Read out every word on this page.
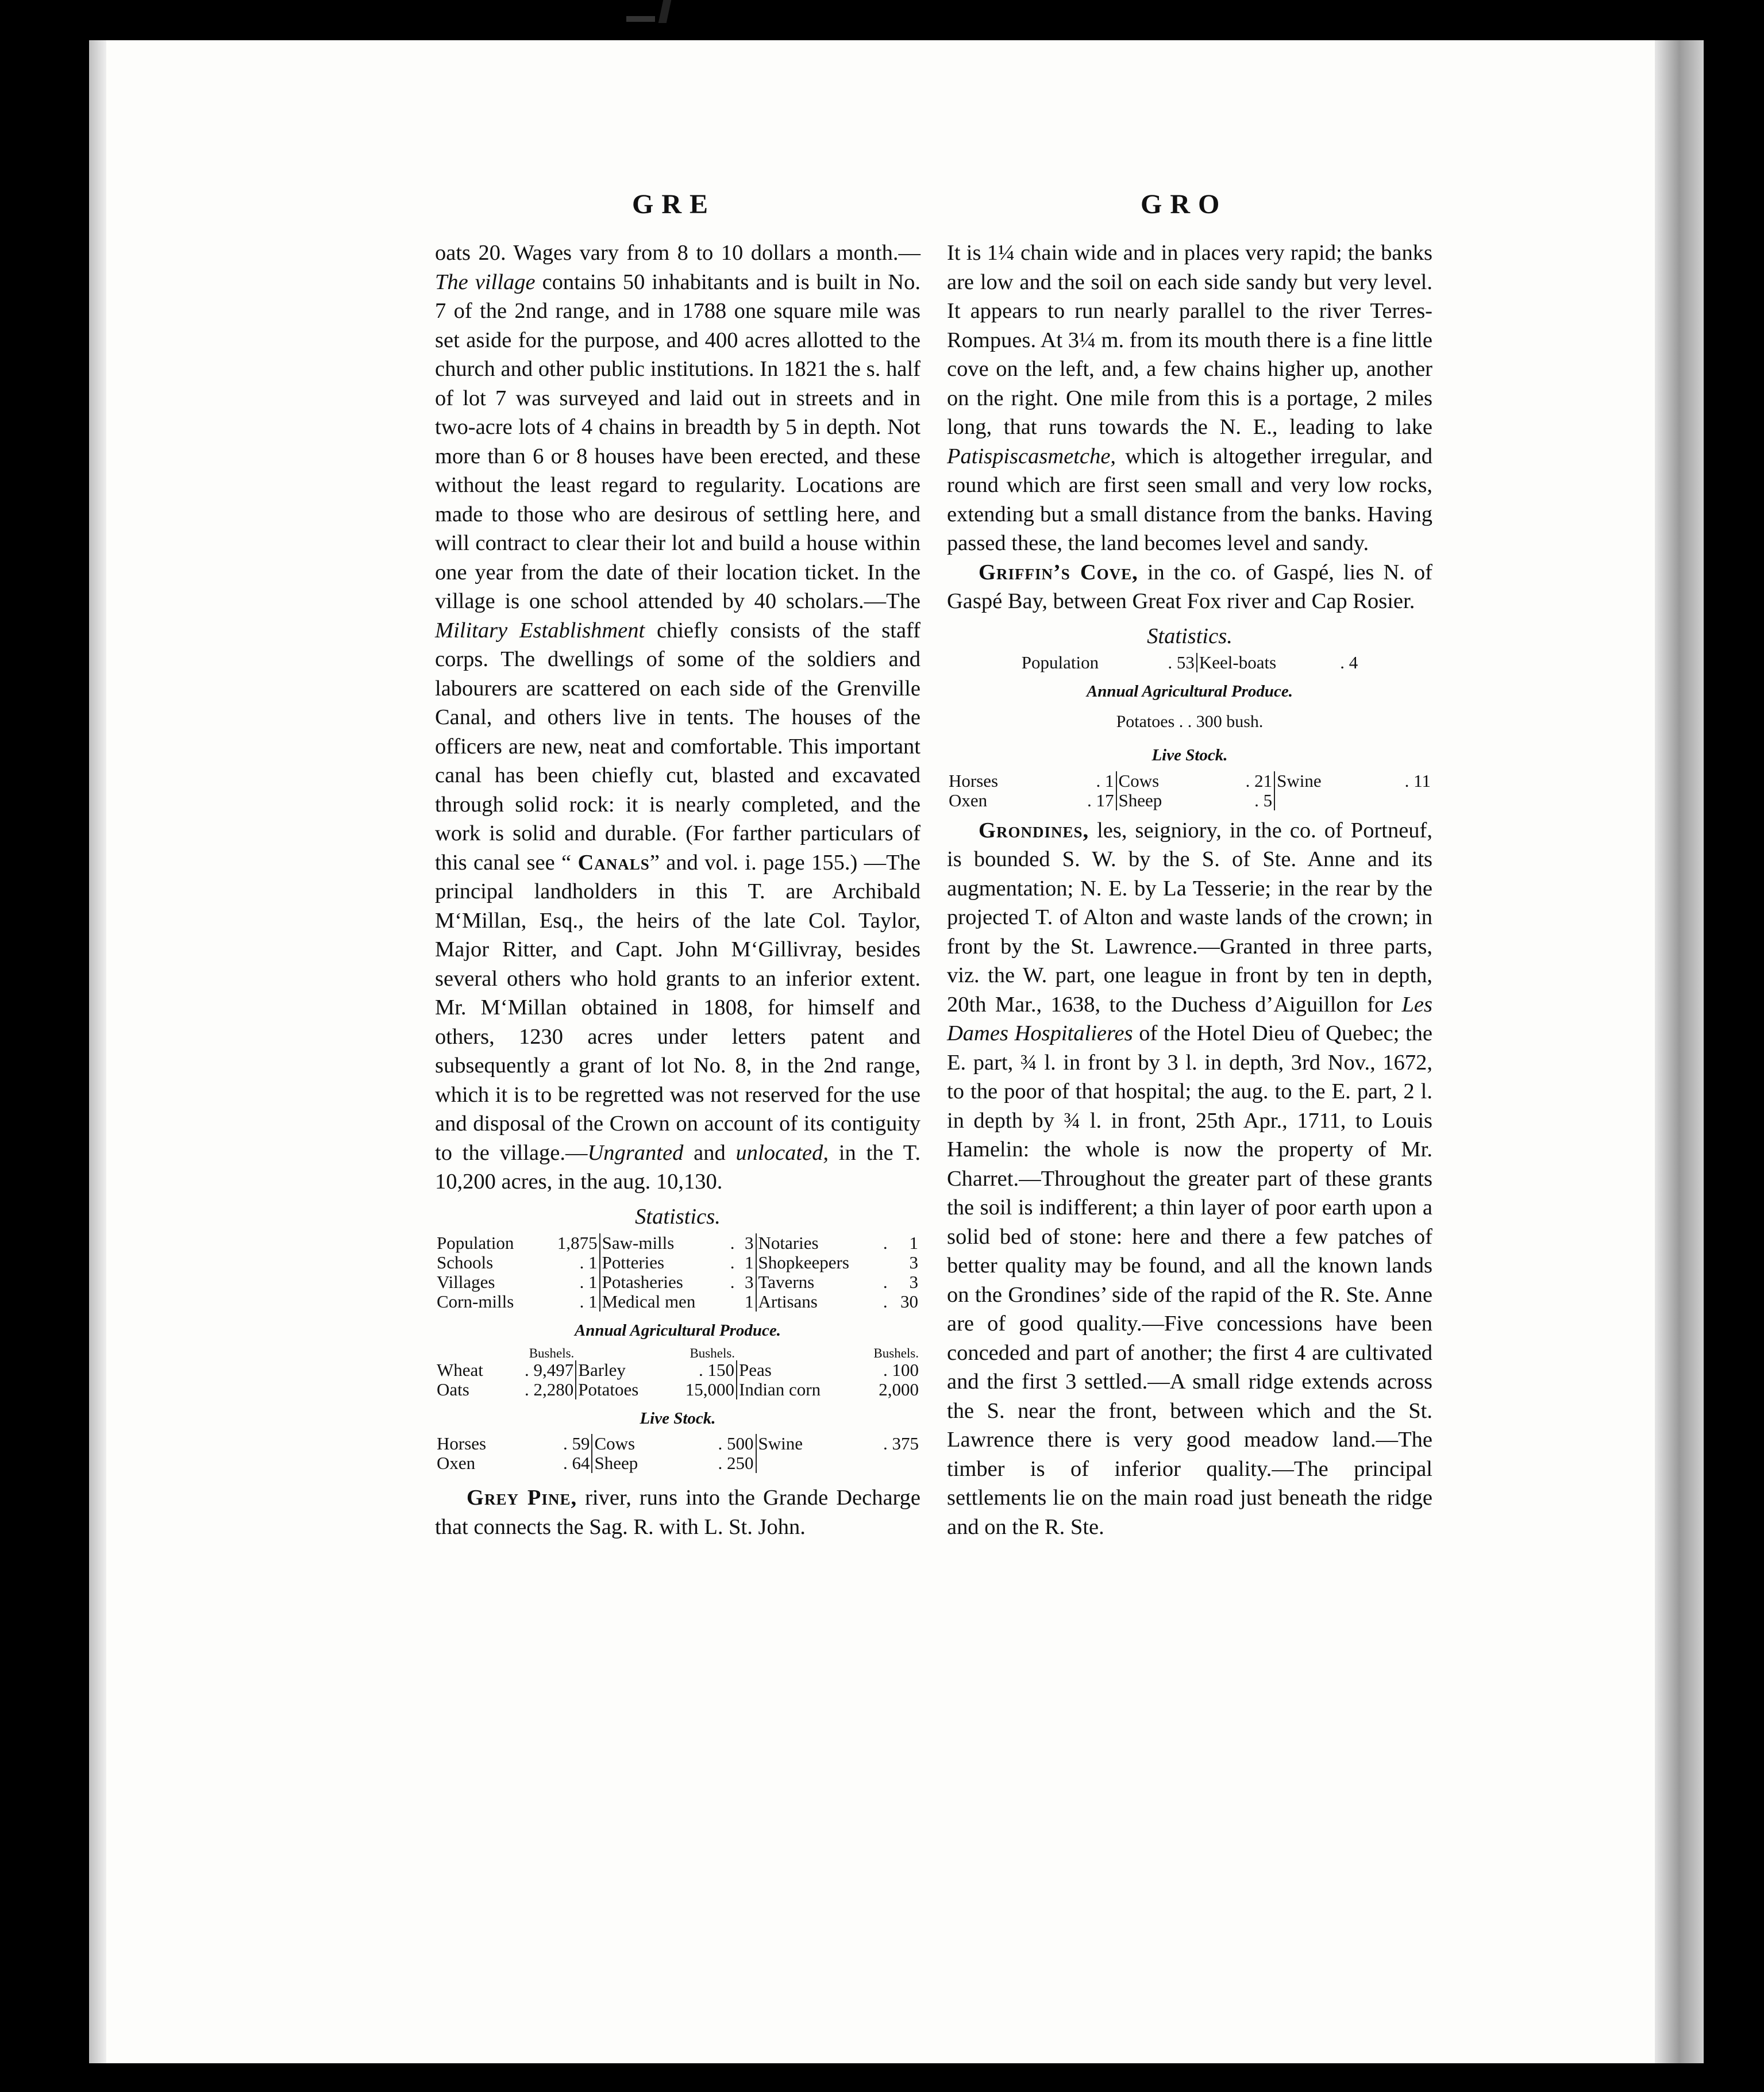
GRE	GRO

oats 20. Wages vary from 8 to 10 dollars a month.—The village contains 50 inhabitants and is built in No. 7 of the 2nd range, and in 1788 one square mile was set aside for the purpose, and 400 acres allotted to the church and other public institutions. In 1821 the s. half of lot 7 was surveyed and laid out in streets and in two-acre lots of 4 chains in breadth by 5 in depth. Not more than 6 or 8 houses have been erected, and these without the least regard to regularity. Locations are made to those who are desirous of settling here, and will contract to clear their lot and build a house within one year from the date of their location ticket. In the village is one school attended by 40 scholars.—The Military Establishment chiefly consists of the staff corps. The dwellings of some of the soldiers and labourers are scattered on each side of the Grenville Canal, and others live in tents. The houses of the officers are new, neat and comfortable. This important canal has been chiefly cut, blasted and excavated through solid rock: it is nearly completed, and the work is solid and durable. (For farther particulars of this canal see “ Canals” and vol. i. page 155.) —The principal landholders in this T. are Archibald M‘Millan, Esq., the heirs of the late Col. Taylor, Major Ritter, and Capt. John M‘Gillivray, besides several others who hold grants to an inferior extent. Mr. M‘Millan obtained in 1808, for himself and others, 1230 acres under letters patent and subsequently a grant of lot No. 8, in the 2nd range, which it is to be regretted was not reserved for the use and disposal of the Crown on account of its contiguity to the village.—Ungranted and unlocated, in the T. 10,200 acres, in the aug. 10,130.

Statistics.
Population	1,875	Saw-mills	.	3	Notaries	.	1
Schools	. 1	Potteries	.	1	Shopkeepers		3
Villages	. 1	Potasheries	.	3	Taverns	.	3
Corn-mills	. 1	Medical men		1	Artisans	.	30
Annual Agricultural Produce.
	Bushels.		Bushels.		Bushels.
Wheat	. 9,497	Barley	. 150	Peas	. 100
Oats	. 2,280	Potatoes	15,000	Indian corn	2,000
Live Stock.
Horses	. 59	Cows	. 500	Swine	. 375
Oxen	. 64	Sheep	. 250		

Grey Pine, river, runs into the Grande Decharge that connects the Sag. R. with L. St. John.

It is 1¼ chain wide and in places very rapid; the banks are low and the soil on each side sandy but very level. It appears to run nearly parallel to the river Terres-Rompues. At 3¼ m. from its mouth there is a fine little cove on the left, and, a few chains higher up, another on the right. One mile from this is a portage, 2 miles long, that runs towards the N. E., leading to lake Patispiscasmetche, which is altogether irregular, and round which are first seen small and very low rocks, extending but a small distance from the banks. Having passed these, the land becomes level and sandy.

Griffin’s Cove, in the co. of Gaspé, lies N. of Gaspé Bay, between Great Fox river and Cap Rosier.

Statistics.
Population	. 53	Keel-boats	. 4
Annual Agricultural Produce.
Potatoes . . 300 bush.
Live Stock.
Horses	. 1	Cows	. 21	Swine	. 11
Oxen	. 17	Sheep	. 5		

Grondines, les, seigniory, in the co. of Portneuf, is bounded S. W. by the S. of Ste. Anne and its augmentation; N. E. by La Tesserie; in the rear by the projected T. of Alton and waste lands of the crown; in front by the St. Lawrence.—Granted in three parts, viz. the W. part, one league in front by ten in depth, 20th Mar., 1638, to the Duchess d’Aiguillon for Les Dames Hospitalieres of the Hotel Dieu of Quebec; the E. part, ¾ l. in front by 3 l. in depth, 3rd Nov., 1672, to the poor of that hospital; the aug. to the E. part, 2 l. in depth by ¾ l. in front, 25th Apr., 1711, to Louis Hamelin: the whole is now the property of Mr. Charret.—Throughout the greater part of these grants the soil is indifferent; a thin layer of poor earth upon a solid bed of stone: here and there a few patches of better quality may be found, and all the known lands on the Grondines’ side of the rapid of the R. Ste. Anne are of good quality.—Five concessions have been conceded and part of another; the first 4 are cultivated and the first 3 settled.—A small ridge extends across the S. near the front, between which and the St. Lawrence there is very good meadow land.—The timber is of inferior quality.—The principal settlements lie on the main road just beneath the ridge and on the R. Ste.
